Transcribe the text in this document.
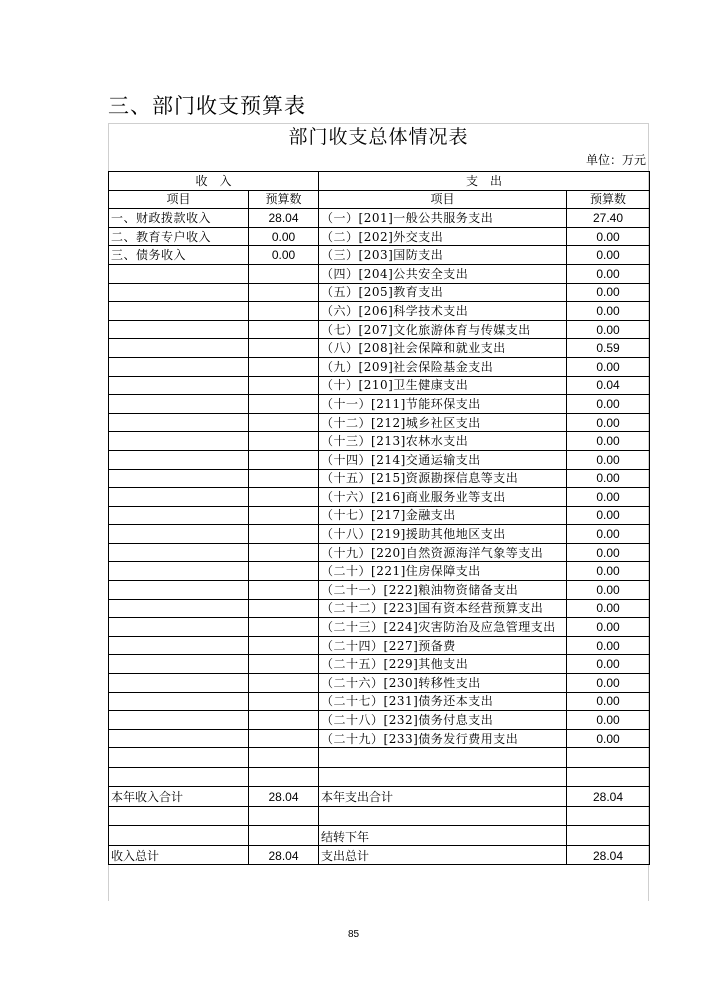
三、部门收支预算表
部门收支总体情况表
单位：万元
收　入		支　出	
项目	预算数	项目	预算数
一、财政拨款收入	28.04	（一）[201]一般公共服务支出	27.40
二、教育专户收入	0.00	（二）[202]外交支出	0.00
三、债务收入	0.00	（三）[203]国防支出	0.00
		（四）[204]公共安全支出	0.00
		（五）[205]教育支出	0.00
		（六）[206]科学技术支出	0.00
		（七）[207]文化旅游体育与传媒支出	0.00
		（八）[208]社会保障和就业支出	0.59
		（九）[209]社会保险基金支出	0.00
		（十）[210]卫生健康支出	0.04
		（十一）[211]节能环保支出	0.00
		（十二）[212]城乡社区支出	0.00
		（十三）[213]农林水支出	0.00
		（十四）[214]交通运输支出	0.00
		（十五）[215]资源勘探信息等支出	0.00
		（十六）[216]商业服务业等支出	0.00
		（十七）[217]金融支出	0.00
		（十八）[219]援助其他地区支出	0.00
		（十九）[220]自然资源海洋气象等支出	0.00
		（二十）[221]住房保障支出	0.00
		（二十一）[222]粮油物资储备支出	0.00
		（二十二）[223]国有资本经营预算支出	0.00
		（二十三）[224]灾害防治及应急管理支出	0.00
		（二十四）[227]预备费	0.00
		（二十五）[229]其他支出	0.00
		（二十六）[230]转移性支出	0.00
		（二十七）[231]债务还本支出	0.00
		（二十八）[232]债务付息支出	0.00
		（二十九）[233]债务发行费用支出	0.00

本年收入合计	28.04	本年支出合计	28.04

		结转下年	
收入总计	28.04	支出总计	28.04
85
